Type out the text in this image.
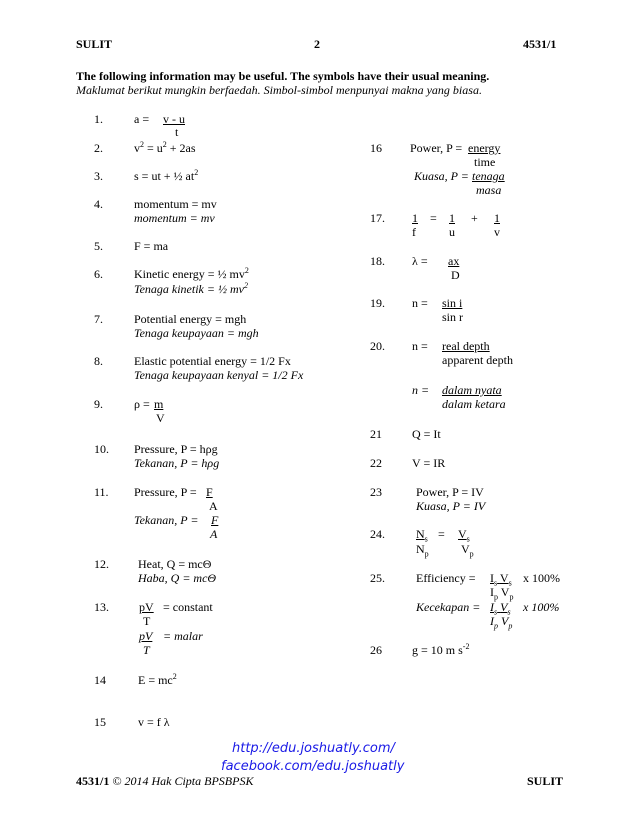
SULIT	2	4531/1
The following information may be useful. The symbols have their usual meaning.
Maklumat berikut mungkin berfaedah. Simbol-simbol menpunyai makna yang biasa.
1.	a = v - u
t
2.	$v^2 = u^2 + 2as$
3.	s = ut + ½ $at^2$
4.	momentum = mv
momentum = mv
5.	F = ma
6.	Kinetic energy = ½ $mv^2$
Tenaga kinetik = ½ $mv^2$
7.	Potential energy = mgh
Tenaga keupayaan = mgh
8.	Elastic potential energy = 1/2 Fx
Tenaga keupayaan kenyal = 1/2 Fx
9.	ρ = m
V
10. Pressure, P = hρg
Tekanan, P = hρg
11. Pressure, P = F
A
Tekanan, P = F
A
12. Heat, Q = mcΘ
Haba, Q = mcΘ
13.	pV = constant
T
pV = malar
T
14	$E = mc^2$
15	v = f λ
16 Power, P = energy
time
Kuasa, P = tenaga
masa
17. 1 = 1 + 1
f	u	v
18. λ = ax
D
19. n = sin i
sin r
20. n = real depth
apparent depth
n = dalam nyata
dalam ketara
21	Q = It
22	V = IR
23	Power, P = IV
Kuasa, P = IV
24.	$N_s = V_s$
$N_p$	$V_p$
25.	Efficiency = $I_s$ $V_s$ x 100%
$I_p$ $V_p$
Kecekapan = $I_s$ $V_s$ x 100%
$I_p$ $V_p$
26	g = 10 m $s^{-2}$
http://edu.joshuatly.com/
facebook.com/edu.joshuatly
4531/1 © 2014 Hak Cipta BPSBPSK	SULIT
